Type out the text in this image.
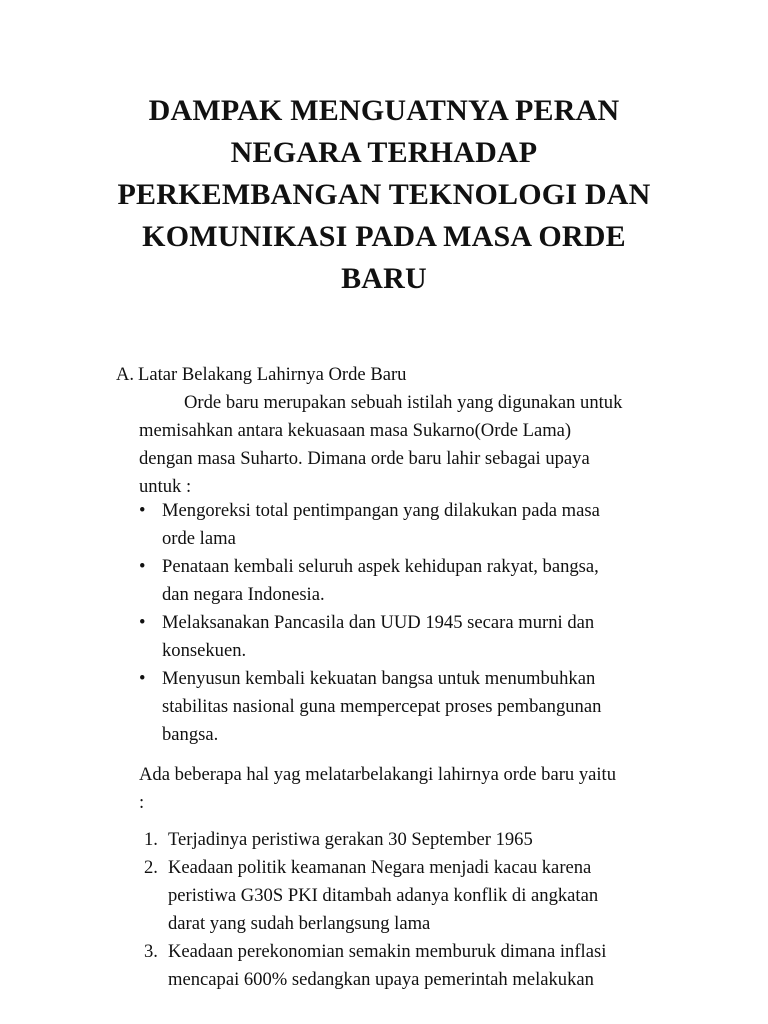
DAMPAK MENGUATNYA PERAN
NEGARA TERHADAP
PERKEMBANGAN TEKNOLOGI DAN
KOMUNIKASI PADA MASA ORDE
BARU
A. Latar Belakang Lahirnya Orde Baru
Orde baru merupakan sebuah istilah yang digunakan untuk
memisahkan antara kekuasaan masa Sukarno(Orde Lama)
dengan masa Suharto. Dimana orde baru lahir sebagai upaya
untuk :
• Mengoreksi total pentimpangan yang dilakukan pada masa
orde lama
• Penataan kembali seluruh aspek kehidupan rakyat, bangsa,
dan negara Indonesia.
• Melaksanakan Pancasila dan UUD 1945 secara murni dan
konsekuen.
• Menyusun kembali kekuatan bangsa untuk menumbuhkan
stabilitas nasional guna mempercepat proses pembangunan
bangsa.
Ada beberapa hal yag melatarbelakangi lahirnya orde baru yaitu
:
1. Terjadinya peristiwa gerakan 30 September 1965
2. Keadaan politik keamanan Negara menjadi kacau karena
peristiwa G30S PKI ditambah adanya konflik di angkatan
darat yang sudah berlangsung lama
3. Keadaan perekonomian semakin memburuk dimana inflasi
mencapai 600% sedangkan upaya pemerintah melakukan
